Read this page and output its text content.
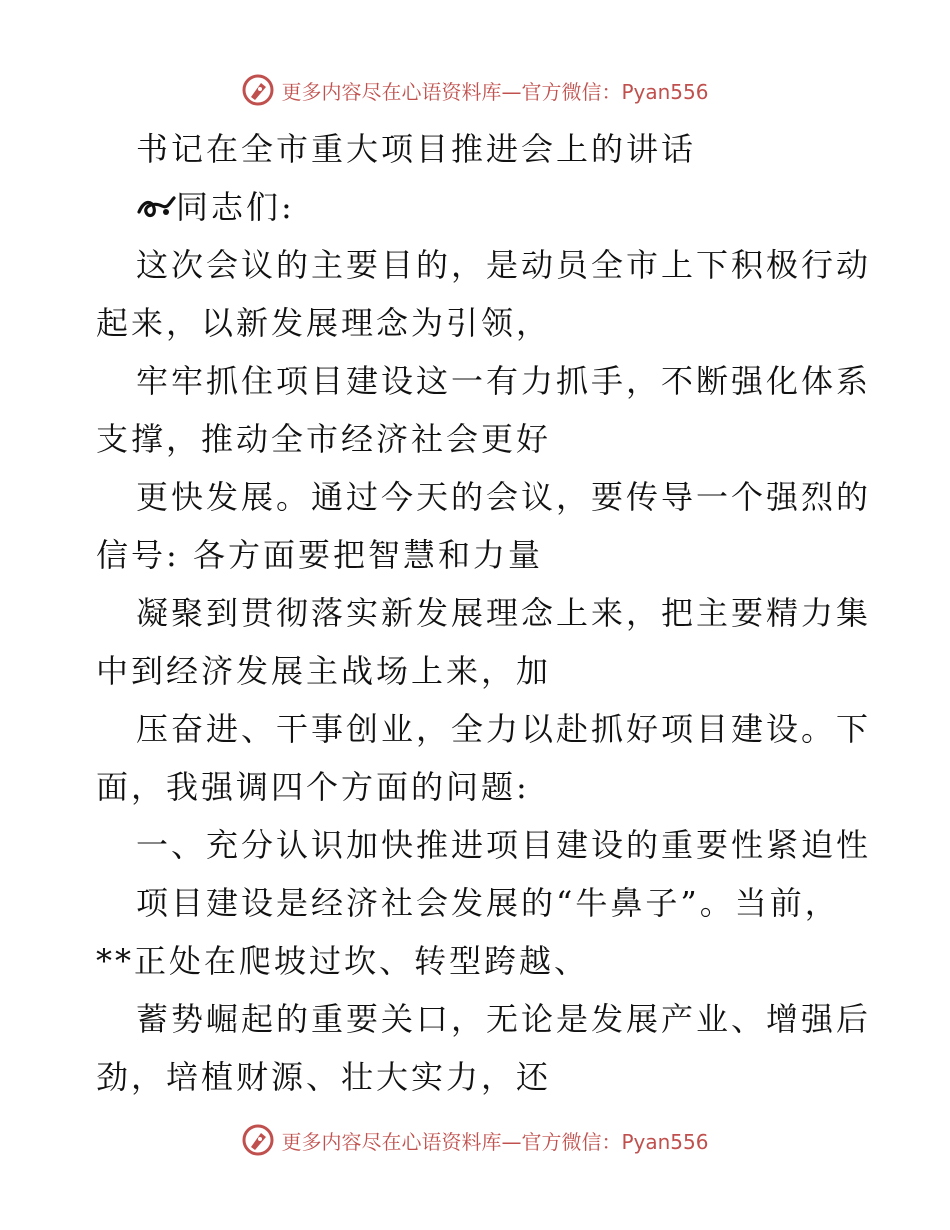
更多内容尽在心语资料库—官方微信：Pyan556
书记在全市重大项目推进会上的讲话
同志们:
这次会议的主要目的，是动员全市上下积极行动
起来，以新发展理念为引领，
牢牢抓住项目建设这一有力抓手，不断强化体系
支撑，推动全市经济社会更好
更快发展。通过今天的会议，要传导一个强烈的
信号: 各方面要把智慧和力量
凝聚到贯彻落实新发展理念上来，把主要精力集
中到经济发展主战场上来，加
压奋进、干事创业，全力以赴抓好项目建设。下
面，我强调四个方面的问题:
一、充分认识加快推进项目建设的重要性紧迫性
项目建设是经济社会发展的“牛鼻子”。当前，
**正处在爬坡过坎、转型跨越、
蓄势崛起的重要关口，无论是发展产业、增强后
劲，培植财源、壮大实力，还
更多内容尽在心语资料库—官方微信：Pyan556
